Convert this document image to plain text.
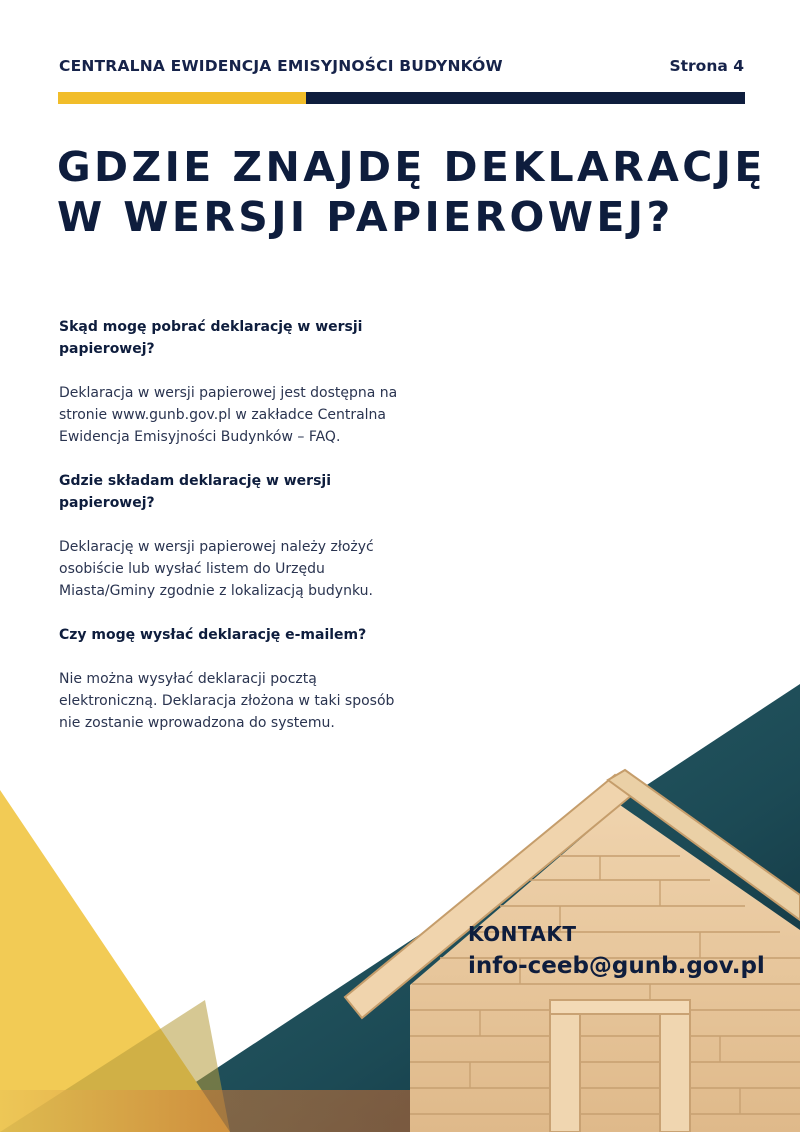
CENTRALNA EWIDENCJA EMISYJNOŚCI BUDYNKÓW	Strona 4
GDZIE ZNAJDĘ DEKLARACJĘ
W WERSJI PAPIEROWEJ?

Skąd mogę pobrać deklarację w wersji papierowej?

Deklaracja w wersji papierowej jest dostępna na stronie www.gunb.gov.pl w zakładce Centralna Ewidencja Emisyjności Budynków – FAQ.

Gdzie składam deklarację w wersji papierowej?

Deklarację w wersji papierowej należy złożyć osobiście lub wysłać listem do Urzędu Miasta/Gminy zgodnie z lokalizacją budynku.

Czy mogę wysłać deklarację e-mailem?

Nie można wysyłać deklaracji pocztą elektroniczną. Deklaracja złożona w taki sposób nie zostanie wprowadzona do systemu.

KONTAKT
info-ceeb@gunb.gov.pl
